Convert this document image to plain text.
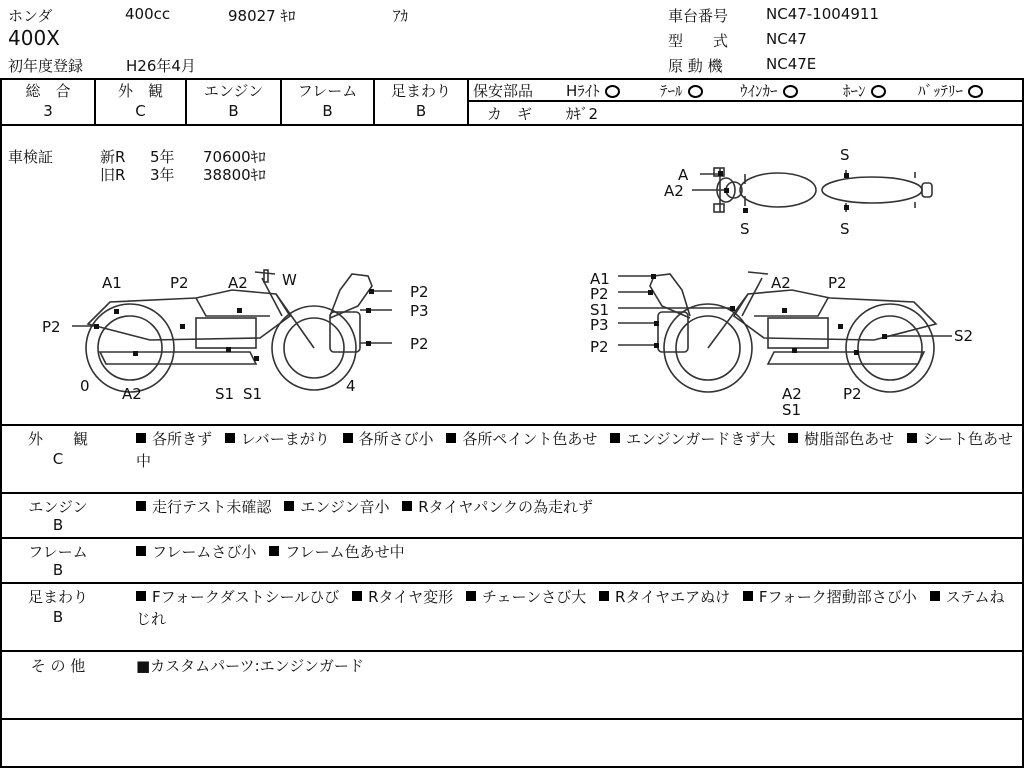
ホンダ	400cc	98027 ｷﾛ	ｱｶ
400X
初年度登録	H26年4月
車台番号	NC47-1004911
型　　式	NC47
原 動 機	NC47E
総　合
3
外　観
C
エンジン
B
フレーム
B
足まわり
B
保安部品 Hﾗｲﾄ	ﾃｰﾙ	ｳｲﾝｶｰ	ﾎｰﾝ	ﾊﾞｯﾃﾘｰ
カ　ギ ｶｷﾞ2
車検証	新R 5年 70600ｷﾛ
旧R 3年 38800ｷﾛ	A
A2
S
S	S
A1
P2
A2 W
P2	P2
P3
P2
0 A2	S1 S1	4
A1
P2
S1
P3
P2
A2 P2
S2
A2
S1
P2
外　　観
C
各所きず レバーまがり 各所さび小 各所ペイント色あせ エンジンガードきず大 樹脂部色あせ シート色あせ中
エンジン
B
走行テスト未確認 エンジン音小 Rタイヤパンクの為走れず
フレーム
B
フレームさび小 フレーム色あせ中
足まわり
B
Fフォークダストシールひび Rタイヤ変形 チェーンさび大 Rタイヤエアぬけ Fフォーク摺動部さび小 ステムねじれ
そ の 他	■カスタムパーツ:エンジンガード
